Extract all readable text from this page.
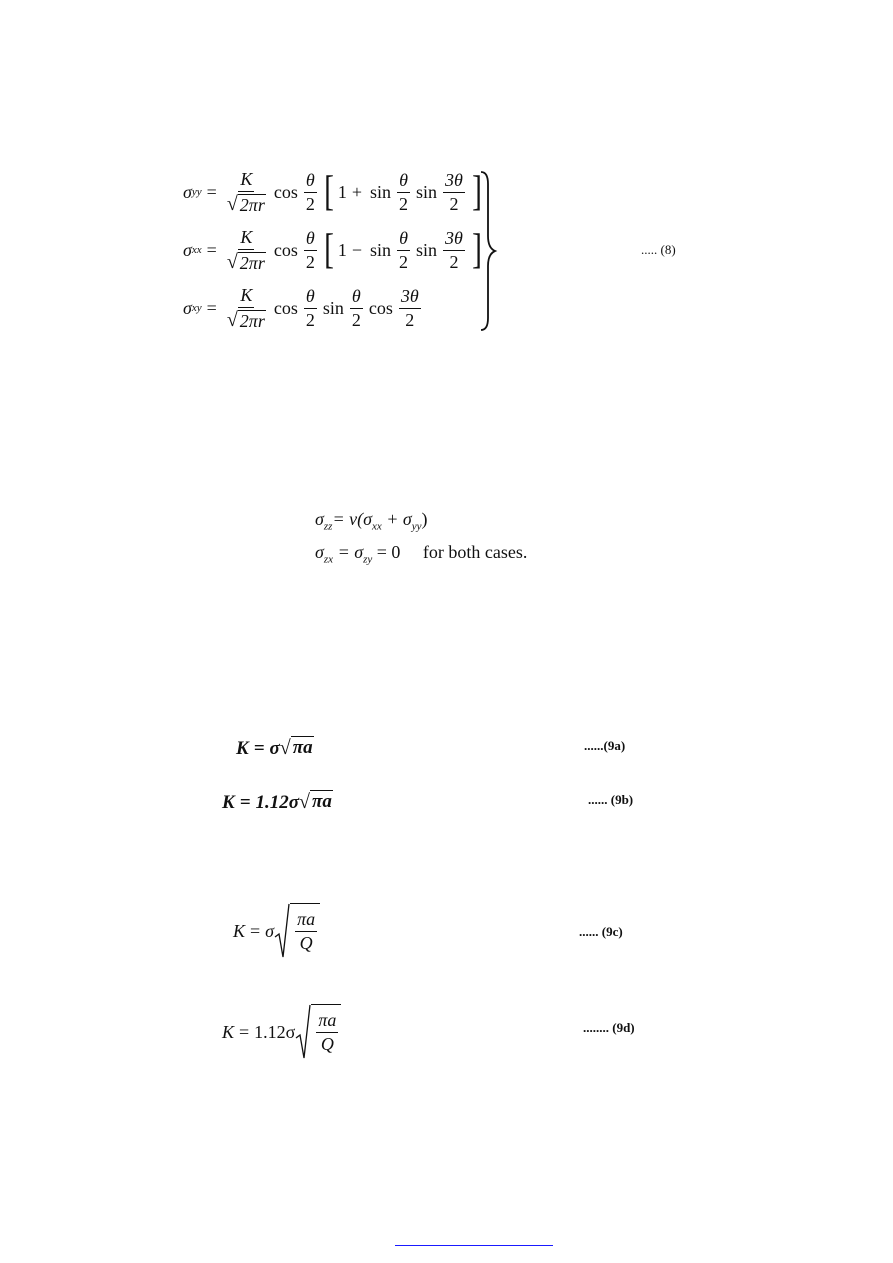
σ yy = $\frac{K}{√ 2\pi r}$ $\cos \frac{\theta}{2}$ [ $1 + \sin \frac{\theta}{2}$ $\sin \frac{3\theta}{2}$ ]
σ xx = $\frac{K}{√ 2\pi r}$ $\cos \frac{\theta}{2}$ [ $1 - \sin \frac{\theta}{2}$ $\sin \frac{3\theta}{2}$ ]
σ xy = $\frac{K}{√ 2\pi r}$ $\cos \frac{\theta}{2}$ $\sin \frac{\theta}{2}$ $\cos \frac{3\theta}{2}$
..... (8)
$\sigma_{zz}= \nu(\sigma_{xx} + \sigma_{yy})$
$\sigma_{zx} = \sigma_{zy} = 0$ for both cases.
K = σ √ πa	......(9a)
K = 1.12σ √ πa	...... (9b)
K = σ $\frac{\pi a}{Q}$	...... (9c)
$K = 1.12\sigma \frac{\pi a}{Q}$	........ (9d)
